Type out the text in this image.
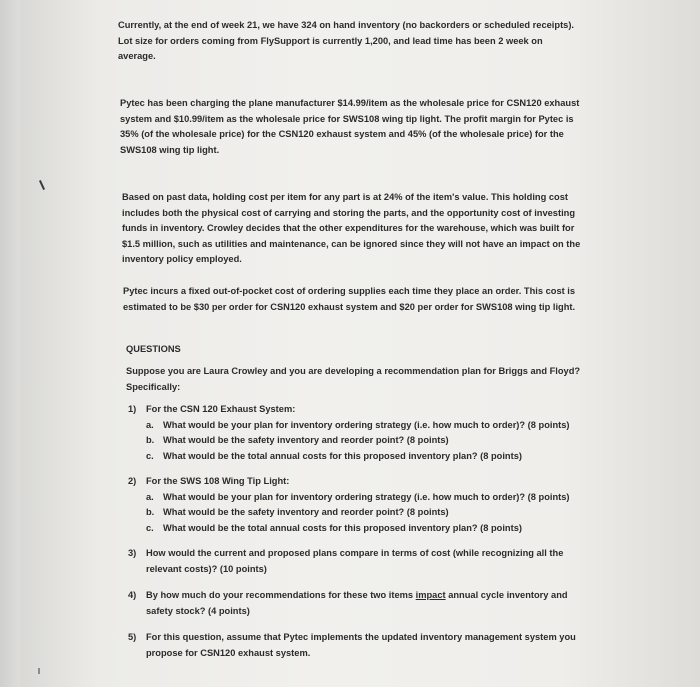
Currently, at the end of week 21, we have 324 on hand inventory (no backorders or scheduled receipts).
Lot size for orders coming from FlySupport is currently 1,200, and lead time has been 2 week on
average.
Pytec has been charging the plane manufacturer $14.99/item as the wholesale price for CSN120 exhaust
system and $10.99/item as the wholesale price for SWS108 wing tip light. The profit margin for Pytec is
35% (of the wholesale price) for the CSN120 exhaust system and 45% (of the wholesale price) for the
SWS108 wing tip light.
Based on past data, holding cost per item for any part is at 24% of the item's value. This holding cost
includes both the physical cost of carrying and storing the parts, and the opportunity cost of investing
funds in inventory. Crowley decides that the other expenditures for the warehouse, which was built for
$1.5 million, such as utilities and maintenance, can be ignored since they will not have an impact on the
inventory policy employed.
Pytec incurs a fixed out-of-pocket cost of ordering supplies each time they place an order. This cost is
estimated to be $30 per order for CSN120 exhaust system and $20 per order for SWS108 wing tip light.
QUESTIONS
Suppose you are Laura Crowley and you are developing a recommendation plan for Briggs and Floyd?
Specifically:
1)	For the CSN 120 Exhaust System:
a. What would be your plan for inventory ordering strategy (i.e. how much to order)? (8 points)
b. What would be the safety inventory and reorder point? (8 points)
c. What would be the total annual costs for this proposed inventory plan? (8 points)
2)	For the SWS 108 Wing Tip Light:
a. What would be your plan for inventory ordering strategy (i.e. how much to order)? (8 points)
b. What would be the safety inventory and reorder point? (8 points)
c. What would be the total annual costs for this proposed inventory plan? (8 points)
3)	How would the current and proposed plans compare in terms of cost (while recognizing all the
relevant costs)? (10 points)
4)	By how much do your recommendations for these two items impact annual cycle inventory and
safety stock? (4 points)
5)	For this question, assume that Pytec implements the updated inventory management system you
propose for CSN120 exhaust system.
